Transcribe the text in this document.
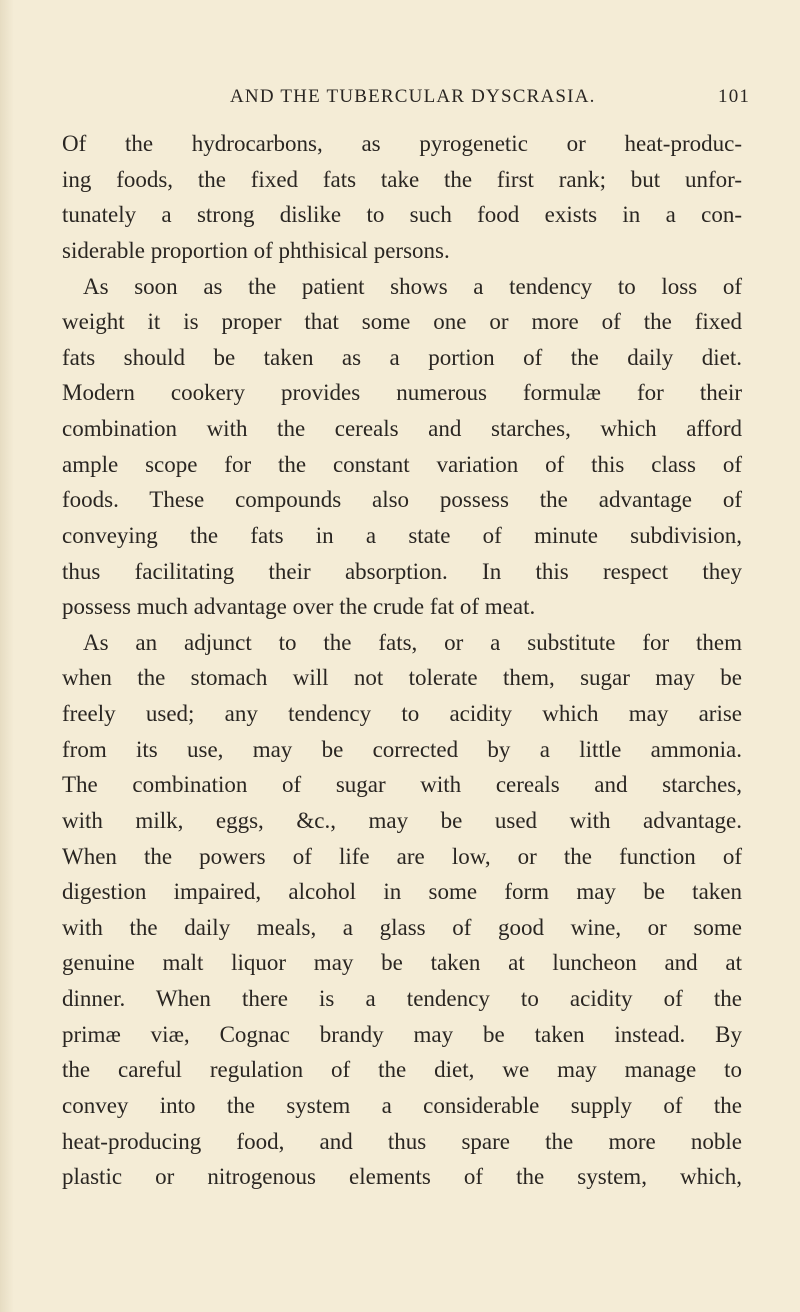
AND THE TUBERCULAR DYSCRASIA.	101
Of the hydrocarbons, as pyrogenetic or heat-produc-
ing foods, the fixed fats take the first rank; but unfor-
tunately a strong dislike to such food exists in a con-
siderable proportion of phthisical persons.
As soon as the patient shows a tendency to loss of
weight it is proper that some one or more of the fixed
fats should be taken as a portion of the daily diet.
Modern cookery provides numerous formulæ for their
combination with the cereals and starches, which afford
ample scope for the constant variation of this class of
foods. These compounds also possess the advantage of
conveying the fats in a state of minute subdivision,
thus facilitating their absorption. In this respect they
possess much advantage over the crude fat of meat.
As an adjunct to the fats, or a substitute for them
when the stomach will not tolerate them, sugar may be
freely used; any tendency to acidity which may arise
from its use, may be corrected by a little ammonia.
The combination of sugar with cereals and starches,
with milk, eggs, &c., may be used with advantage.
When the powers of life are low, or the function of
digestion impaired, alcohol in some form may be taken
with the daily meals, a glass of good wine, or some
genuine malt liquor may be taken at luncheon and at
dinner. When there is a tendency to acidity of the
primæ viæ, Cognac brandy may be taken instead. By
the careful regulation of the diet, we may manage to
convey into the system a considerable supply of the
heat-producing food, and thus spare the more noble
plastic or nitrogenous elements of the system, which,
